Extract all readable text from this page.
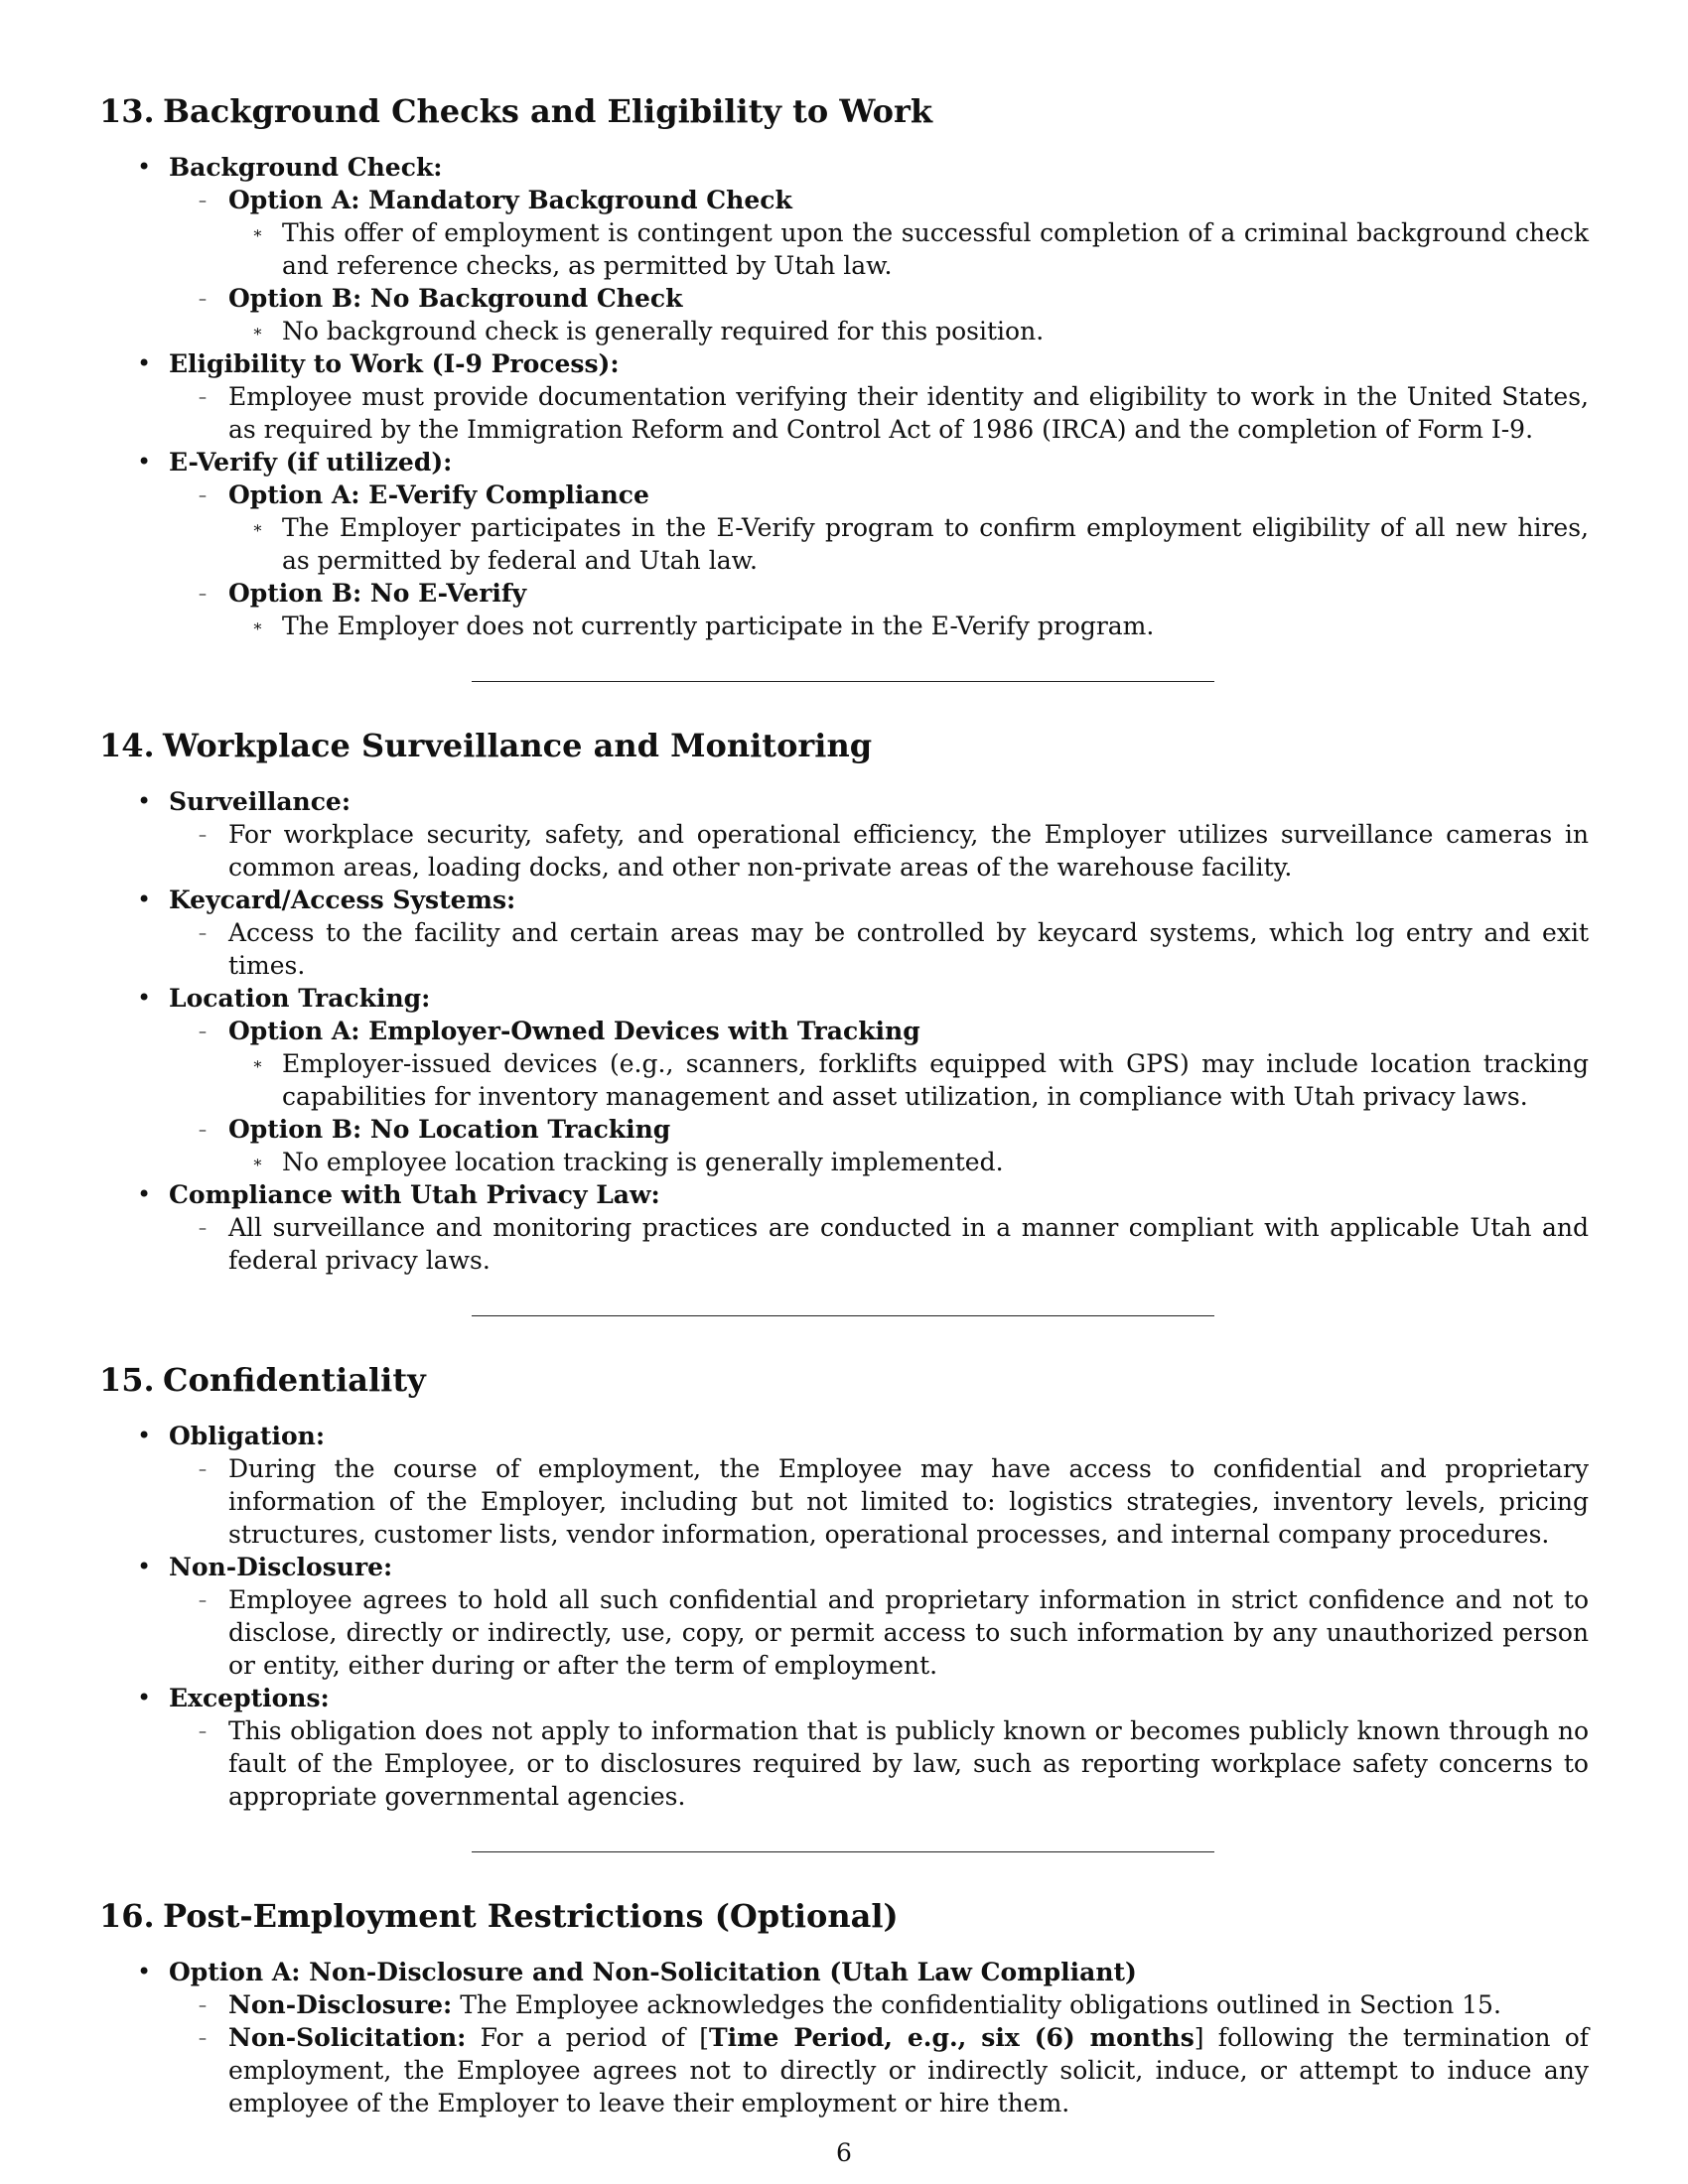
13. Background Checks and Eligibility to Work
• Background Check:
– Option A: Mandatory Background Check
∗ This offer of employment is contingent upon the successful completion of a criminal background check and reference checks, as permitted by Utah law.
– Option B: No Background Check
∗ No background check is generally required for this position.
• Eligibility to Work (I-9 Process):
– Employee must provide documentation verifying their identity and eligibility to work in the United States, as required by the Immigration Reform and Control Act of 1986 (IRCA) and the completion of Form I-9.
• E-Verify (if utilized):
– Option A: E-Verify Compliance
∗ The Employer participates in the E-Verify program to confirm employment eligibility of all new hires, as permitted by federal and Utah law.
– Option B: No E-Verify
∗ The Employer does not currently participate in the E-Verify program.
14. Workplace Surveillance and Monitoring
• Surveillance:
– For workplace security, safety, and operational efficiency, the Employer utilizes surveillance cameras in common areas, loading docks, and other non-private areas of the warehouse facility.
• Keycard/Access Systems:
– Access to the facility and certain areas may be controlled by keycard systems, which log entry and exit times.
• Location Tracking:
– Option A: Employer-Owned Devices with Tracking
∗ Employer-issued devices (e.g., scanners, forklifts equipped with GPS) may include location tracking capabilities for inventory management and asset utilization, in compliance with Utah privacy laws.
– Option B: No Location Tracking
∗ No employee location tracking is generally implemented.
• Compliance with Utah Privacy Law:
– All surveillance and monitoring practices are conducted in a manner compliant with applicable Utah and federal privacy laws.
15. Confidentiality
• Obligation:
– During the course of employment, the Employee may have access to confidential and proprietary information of the Employer, including but not limited to: logistics strategies, inventory levels, pricing structures, customer lists, vendor information, operational processes, and internal company procedures.
• Non-Disclosure:
– Employee agrees to hold all such confidential and proprietary information in strict confidence and not to disclose, directly or indirectly, use, copy, or permit access to such information by any unauthorized person or entity, either during or after the term of employment.
• Exceptions:
– This obligation does not apply to information that is publicly known or becomes publicly known through no fault of the Employee, or to disclosures required by law, such as reporting workplace safety concerns to appropriate governmental agencies.
16. Post-Employment Restrictions (Optional)
• Option A: Non-Disclosure and Non-Solicitation (Utah Law Compliant)
– Non-Disclosure: The Employee acknowledges the confidentiality obligations outlined in Section 15.
– Non-Solicitation: For a period of [Time Period, e.g., six (6) months] following the termination of employment, the Employee agrees not to directly or indirectly solicit, induce, or attempt to induce any employee of the Employer to leave their employment or hire them.
6
